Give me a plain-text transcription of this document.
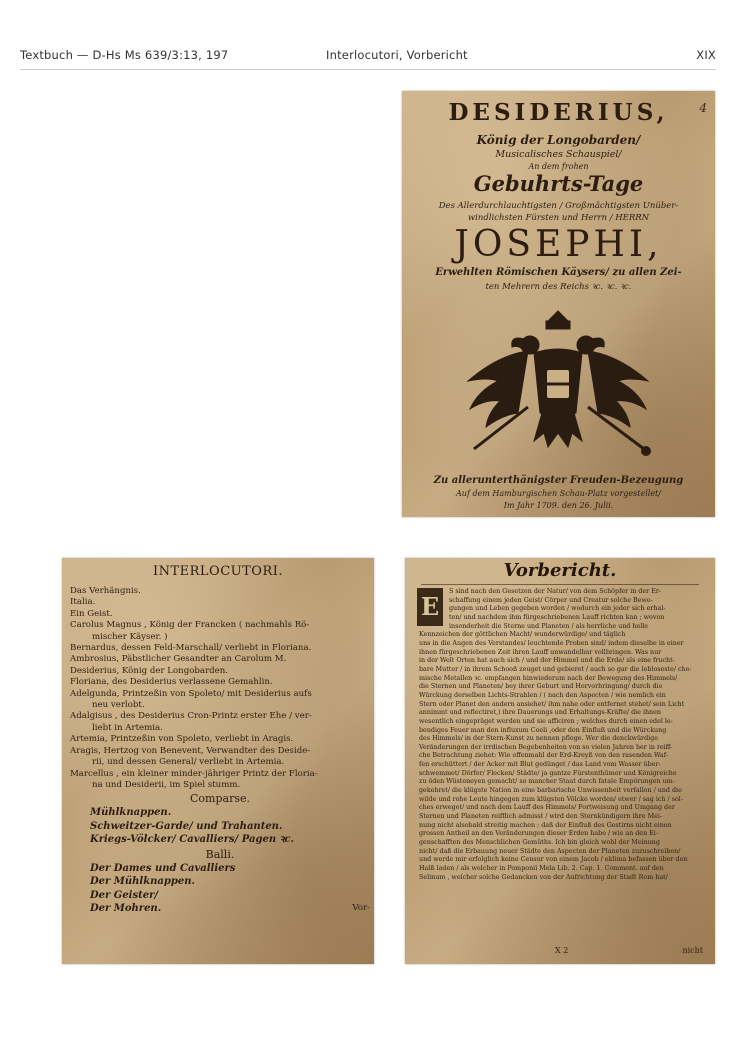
Textbuch — D-Hs Ms 639/3:13, 197	Interlocutori, Vorbericht	XIX
4
DESIDERIUS,
König der Longobarden/
Musicalisches Schauspiel/
An dem frohen
Gebuhrts-Tage
Des Allerdurchlauchtigsten / Großmächtigsten Unüber-
windlichsten Fürsten und Herrn / HERRN
JOSEPHI,
Erwehlten Römischen Käysers/ zu allen Zei-
ten Mehrern des Reichs ꝛc. ꝛc. ꝛc.
Zu allerunterthänigster Freuden-Bezeugung
Auf dem Hamburgischen Schau-Platz vorgestellet/
Im Jahr 1709. den 26. Julii.
INTERLOCUTORI.
Das Verhängnis.
Italia.
Ein Geist.
Carolus Magnus , König der Francken ( nachmahls Rö-
mischer Käyser. )
Bernardus, dessen Feld-Marschall/ verliebt in Floriana.
Ambrosius, Päbstlicher Gesandter an Carolum M.
Desiderius, König der Longobarden.
Floriana, des Desiderius verlassene Gemahlin.
Adelgunda, Printzeßin von Spoleto/ mit Desiderius aufs
neu verlobt.
Adalgisus , des Desiderius Cron-Printz erster Ehe / ver-
liebt in Artemia.
Artemia, Printzeßin von Spoleto, verliebt in Aragis.
Aragis, Hertzog von Benevent, Verwandter des Deside-
rii, und dessen General/ verliebt in Artemia.
Marcellus , ein kleiner minder-jähriger Printz der Floria-
na und Desiderii, im Spiel stumm.
Comparse.
Mühlknappen.
Schweitzer-Garde/ und Trahanten.
Kriegs-Völcker/ Cavalliers/ Pagen ꝛc.
Balli.
Der Dames und Cavalliers
Der Mühlknappen.
Der Geister/
Der Mohren.	Vor-
Vorbericht.
S sind nach den Gesetzen der Natur/ von dem Schöpfer in der Er-
schaffung einem jeden Geist/ Cörper und Creatur solche Bewe-
gungen und Leben gegeben worden / wodurch ein jeder sich erhal-
ten/ und nachdem ihm fürgeschriebenen Lauff richten kan ; wovon
insonderheit die Sterne und Planeten / als herrliche und helle
Kennzeichen der göttlichen Macht/ wunderwürdige/ und täglich
uns in die Augen des Verstandes/ leuchtende Proben sind/ indem dieselbe in einer
ihnen fürgeschriebenen Zeit ihren Lauff unwandelbar vollbringen. Was nur
in der Welt Orten hat auch sich / und der Himmel und die Erde/ als eine frucht-
bare Mutter / in ihrem Schooß zeuget und gebieret / auch so gar die lebloseste/ che-
mische Metallen ꝛc. empfangen hinwiederum nach der Bewegung des Himmels/
die Sternen und Planeten/ bey ihrer Geburt und Hervorbringung/ durch die
Würckung derselben Lichts-Strahlen / ( nach den Aspecten / wie nemlich ein
Stern oder Planet den andern ansiehet/ ihm nahe oder entfernet stehet/ sein Licht
annimmt und reflectiret,) ihre Dauerungs und Erhaltungs-Kräfte/ die ihnen
wesentlich eingepräget werden und sie afficiren ; welches durch einen edel le-
bendiges Feuer man den influxum Coeli ,oder den Einfluß und die Würckung
des Himmels/ in der Stern-Kunst zu nennen pflege. Wer die denckwürdige
Veränderungen der irrdischen Begebenheiten von so vielen Jahren her in reiff-
che Betrachtung ziehet: Wie offenmahl der Erd-Kreyß von den rasenden Waf-
fen erschüttert / der Acker mit Blut gedünget / das Land vom Wasser über-
schwemmet/ Dörfer/ Flecken/ Städte/ ja gantze Fürstenthümer und Königreiche
zu öden Wüsteneyen gemacht/ so mancher Staat durch fatale Empörungen um-
gekehret/ die klügste Nation in eine barbarische Unwissenheit verfallen / und die
wilde und rohe Leute hingegen zum klügsten Völcke worden/ etwer / sag ich / sol-
ches erweget/ und nach dem Lauff des Himmels/ Fortweisung und Umgang der
Sternen und Planeten reifflich admisst / wird den Sternkündigern ihre Mei-
nung nicht alsobald streitig machen ; daß der Einfluß des Gestirns nicht einen
grossen Antheil an den Veränderungen dieser Erden habe / wie an den Ei-
genschafften des Menschlichen Gemüths. Ich bin gleich wohl der Meinung
nicht/ daß die Erbauung neuer Städte den Aspecten der Planeten zuzuschreiben/
und werde mir erfolglich keine Censur von einem Jacob / eklima befassen über den
Halß laden / als welcher in Pomponii Mela Lib. 2. Cap. 1. Comment. auf den
Selinum , welcher solche Gedancken von der Aufrichtung der Stadt Rom hat/
E
X 2	nicht
